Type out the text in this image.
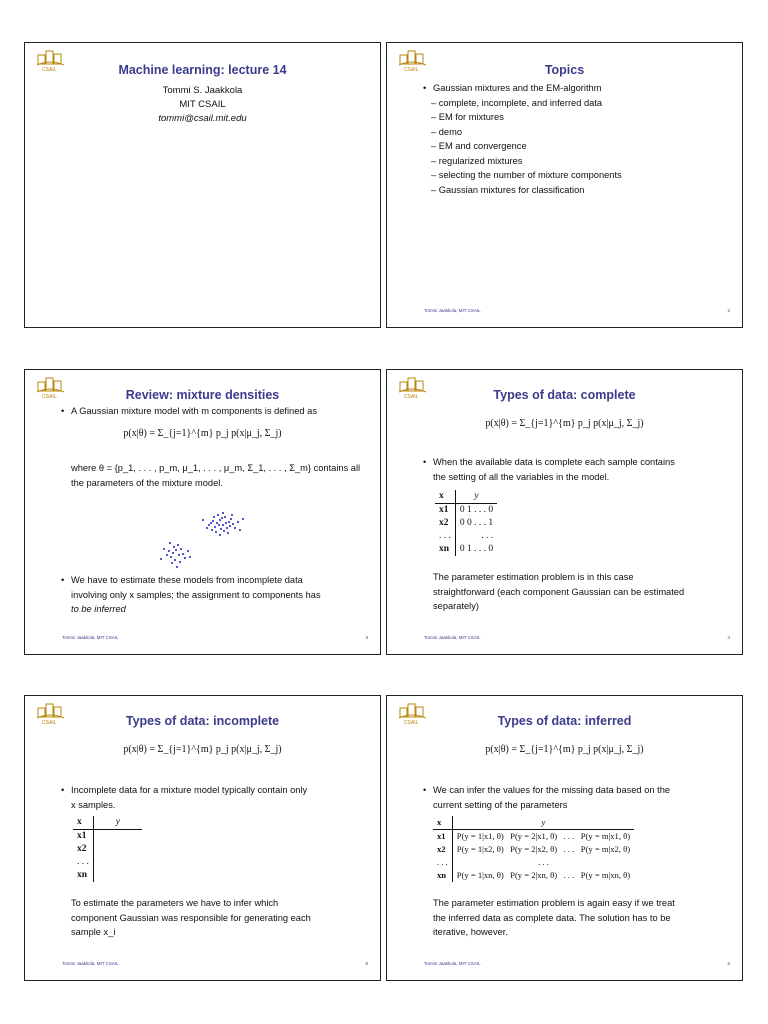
CSAIL	Machine learning: lecture 14
Tommi S. Jaakkola
MIT CSAIL
tommi@csail.mit.edu
CSAIL	Topics
• Gaussian mixtures and the EM-algorithm
– complete, incomplete, and inferred data
– EM for mixtures
– demo
– EM and convergence
– regularized mixtures
– selecting the number of mixture components
– Gaussian mixtures for classification
Tommi Jaakkola, MIT CSAIL	2
CSAIL	Review: mixture densities
• A Gaussian mixture model with m components is defined as
p(x|θ) = Σ_{j=1}^{m} p_j p(x|μ_j, Σ_j)
where θ = {p_1, . . . , p_m, μ_1, . . . , μ_m, Σ_1, . . . , Σ_m} contains all
the parameters of the mixture model.
• We have to estimate these models from incomplete data
involving only x samples; the assignment to components has
to be inferred
Tommi Jaakkola, MIT CSAIL	3
CSAIL	Types of data: complete
p(x|θ) = Σ_{j=1}^{m} p_j p(x|μ_j, Σ_j)
• When the available data is complete each sample contains
the setting of all the variables in the model.
x	y
x1	0 1 . . . 0
x2	0 0 . . . 1
. . .	. . .
xn	0 1 . . . 0
The parameter estimation problem is in this case
straightforward (each component Gaussian can be estimated
separately)
Tommi Jaakkola, MIT CSAIL	4
CSAIL	Types of data: incomplete
p(x|θ) = Σ_{j=1}^{m} p_j p(x|μ_j, Σ_j)
• Incomplete data for a mixture model typically contain only
x samples.
x	y
x1	
x2	
. . .	
xn	
To estimate the parameters we have to infer which
component Gaussian was responsible for generating each
sample x_i
Tommi Jaakkola, MIT CSAIL	5
CSAIL	Types of data: inferred
p(x|θ) = Σ_{j=1}^{m} p_j p(x|μ_j, Σ_j)
• We can infer the values for the missing data based on the
current setting of the parameters
x	y
x1	P(y = 1|x1, θ)   P(y = 2|x1, θ)   . . .   P(y = m|x1, θ)
x2	P(y = 1|x2, θ)   P(y = 2|x2, θ)   . . .   P(y = m|x2, θ)
. . .	. . .
xn	P(y = 1|xn, θ)   P(y = 2|xn, θ)   . . .   P(y = m|xn, θ)
The parameter estimation problem is again easy if we treat
the inferred data as complete data. The solution has to be
iterative, however.
Tommi Jaakkola, MIT CSAIL	6
